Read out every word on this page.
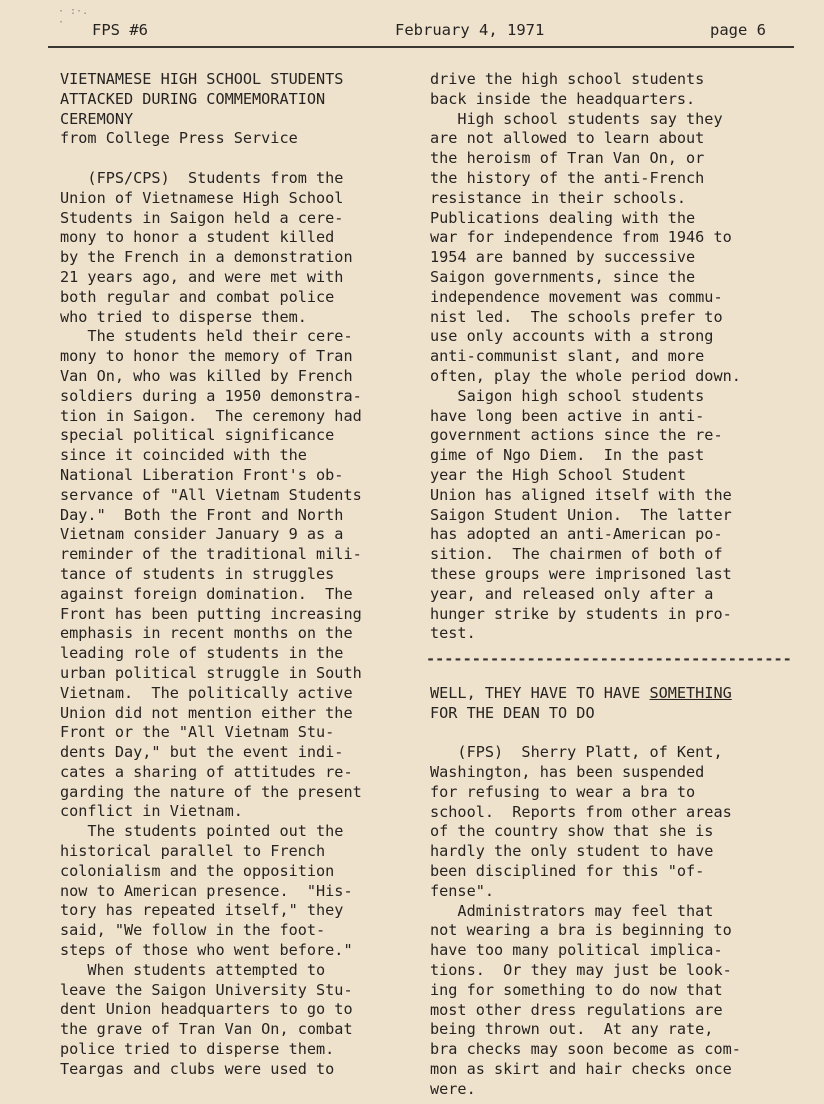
· :·. ·	FPS #6	February 4, 1971	page 6
VIETNAMESE HIGH SCHOOL STUDENTS
ATTACKED DURING COMMEMORATION
CEREMONY
from College Press Service
(FPS/CPS)  Students from the
Union of Vietnamese High School
Students in Saigon held a cere-
mony to honor a student killed
by the French in a demonstration
21 years ago, and were met with
both regular and combat police
who tried to disperse them.
The students held their cere-
mony to honor the memory of Tran
Van On, who was killed by French
soldiers during a 1950 demonstra-
tion in Saigon.  The ceremony had
special political significance
since it coincided with the
National Liberation Front's ob-
servance of "All Vietnam Students
Day."  Both the Front and North
Vietnam consider January 9 as a
reminder of the traditional mili-
tance of students in struggles
against foreign domination.  The
Front has been putting increasing
emphasis in recent months on the
leading role of students in the
urban political struggle in South
Vietnam.  The politically active
Union did not mention either the
Front or the "All Vietnam Stu-
dents Day," but the event indi-
cates a sharing of attitudes re-
garding the nature of the present
conflict in Vietnam.
The students pointed out the
historical parallel to French
colonialism and the opposition
now to American presence.  "His-
tory has repeated itself," they
said, "We follow in the foot-
steps of those who went before."
When students attempted to
leave the Saigon University Stu-
dent Union headquarters to go to
the grave of Tran Van On, combat
police tried to disperse them.
Teargas and clubs were used to
drive the high school students
back inside the headquarters.
High school students say they
are not allowed to learn about
the heroism of Tran Van On, or
the history of the anti-French
resistance in their schools.
Publications dealing with the
war for independence from 1946 to
1954 are banned by successive
Saigon governments, since the
independence movement was commu-
nist led.  The schools prefer to
use only accounts with a strong
anti-communist slant, and more
often, play the whole period down.
Saigon high school students
have long been active in anti-
government actions since the re-
gime of Ngo Diem.  In the past
year the High School Student
Union has aligned itself with the
Saigon Student Union.  The latter
has adopted an anti-American po-
sition.  The chairmen of both of
these groups were imprisoned last
year, and released only after a
hunger strike by students in pro-
test.
----------------------------------------
WELL, THEY HAVE TO HAVE SOMETHING
FOR THE DEAN TO DO
(FPS)  Sherry Platt, of Kent,
Washington, has been suspended
for refusing to wear a bra to
school.  Reports from other areas
of the country show that she is
hardly the only student to have
been disciplined for this "of-
fense".
Administrators may feel that
not wearing a bra is beginning to
have too many political implica-
tions.  Or they may just be look-
ing for something to do now that
most other dress regulations are
being thrown out.  At any rate,
bra checks may soon become as com-
mon as skirt and hair checks once
were.
